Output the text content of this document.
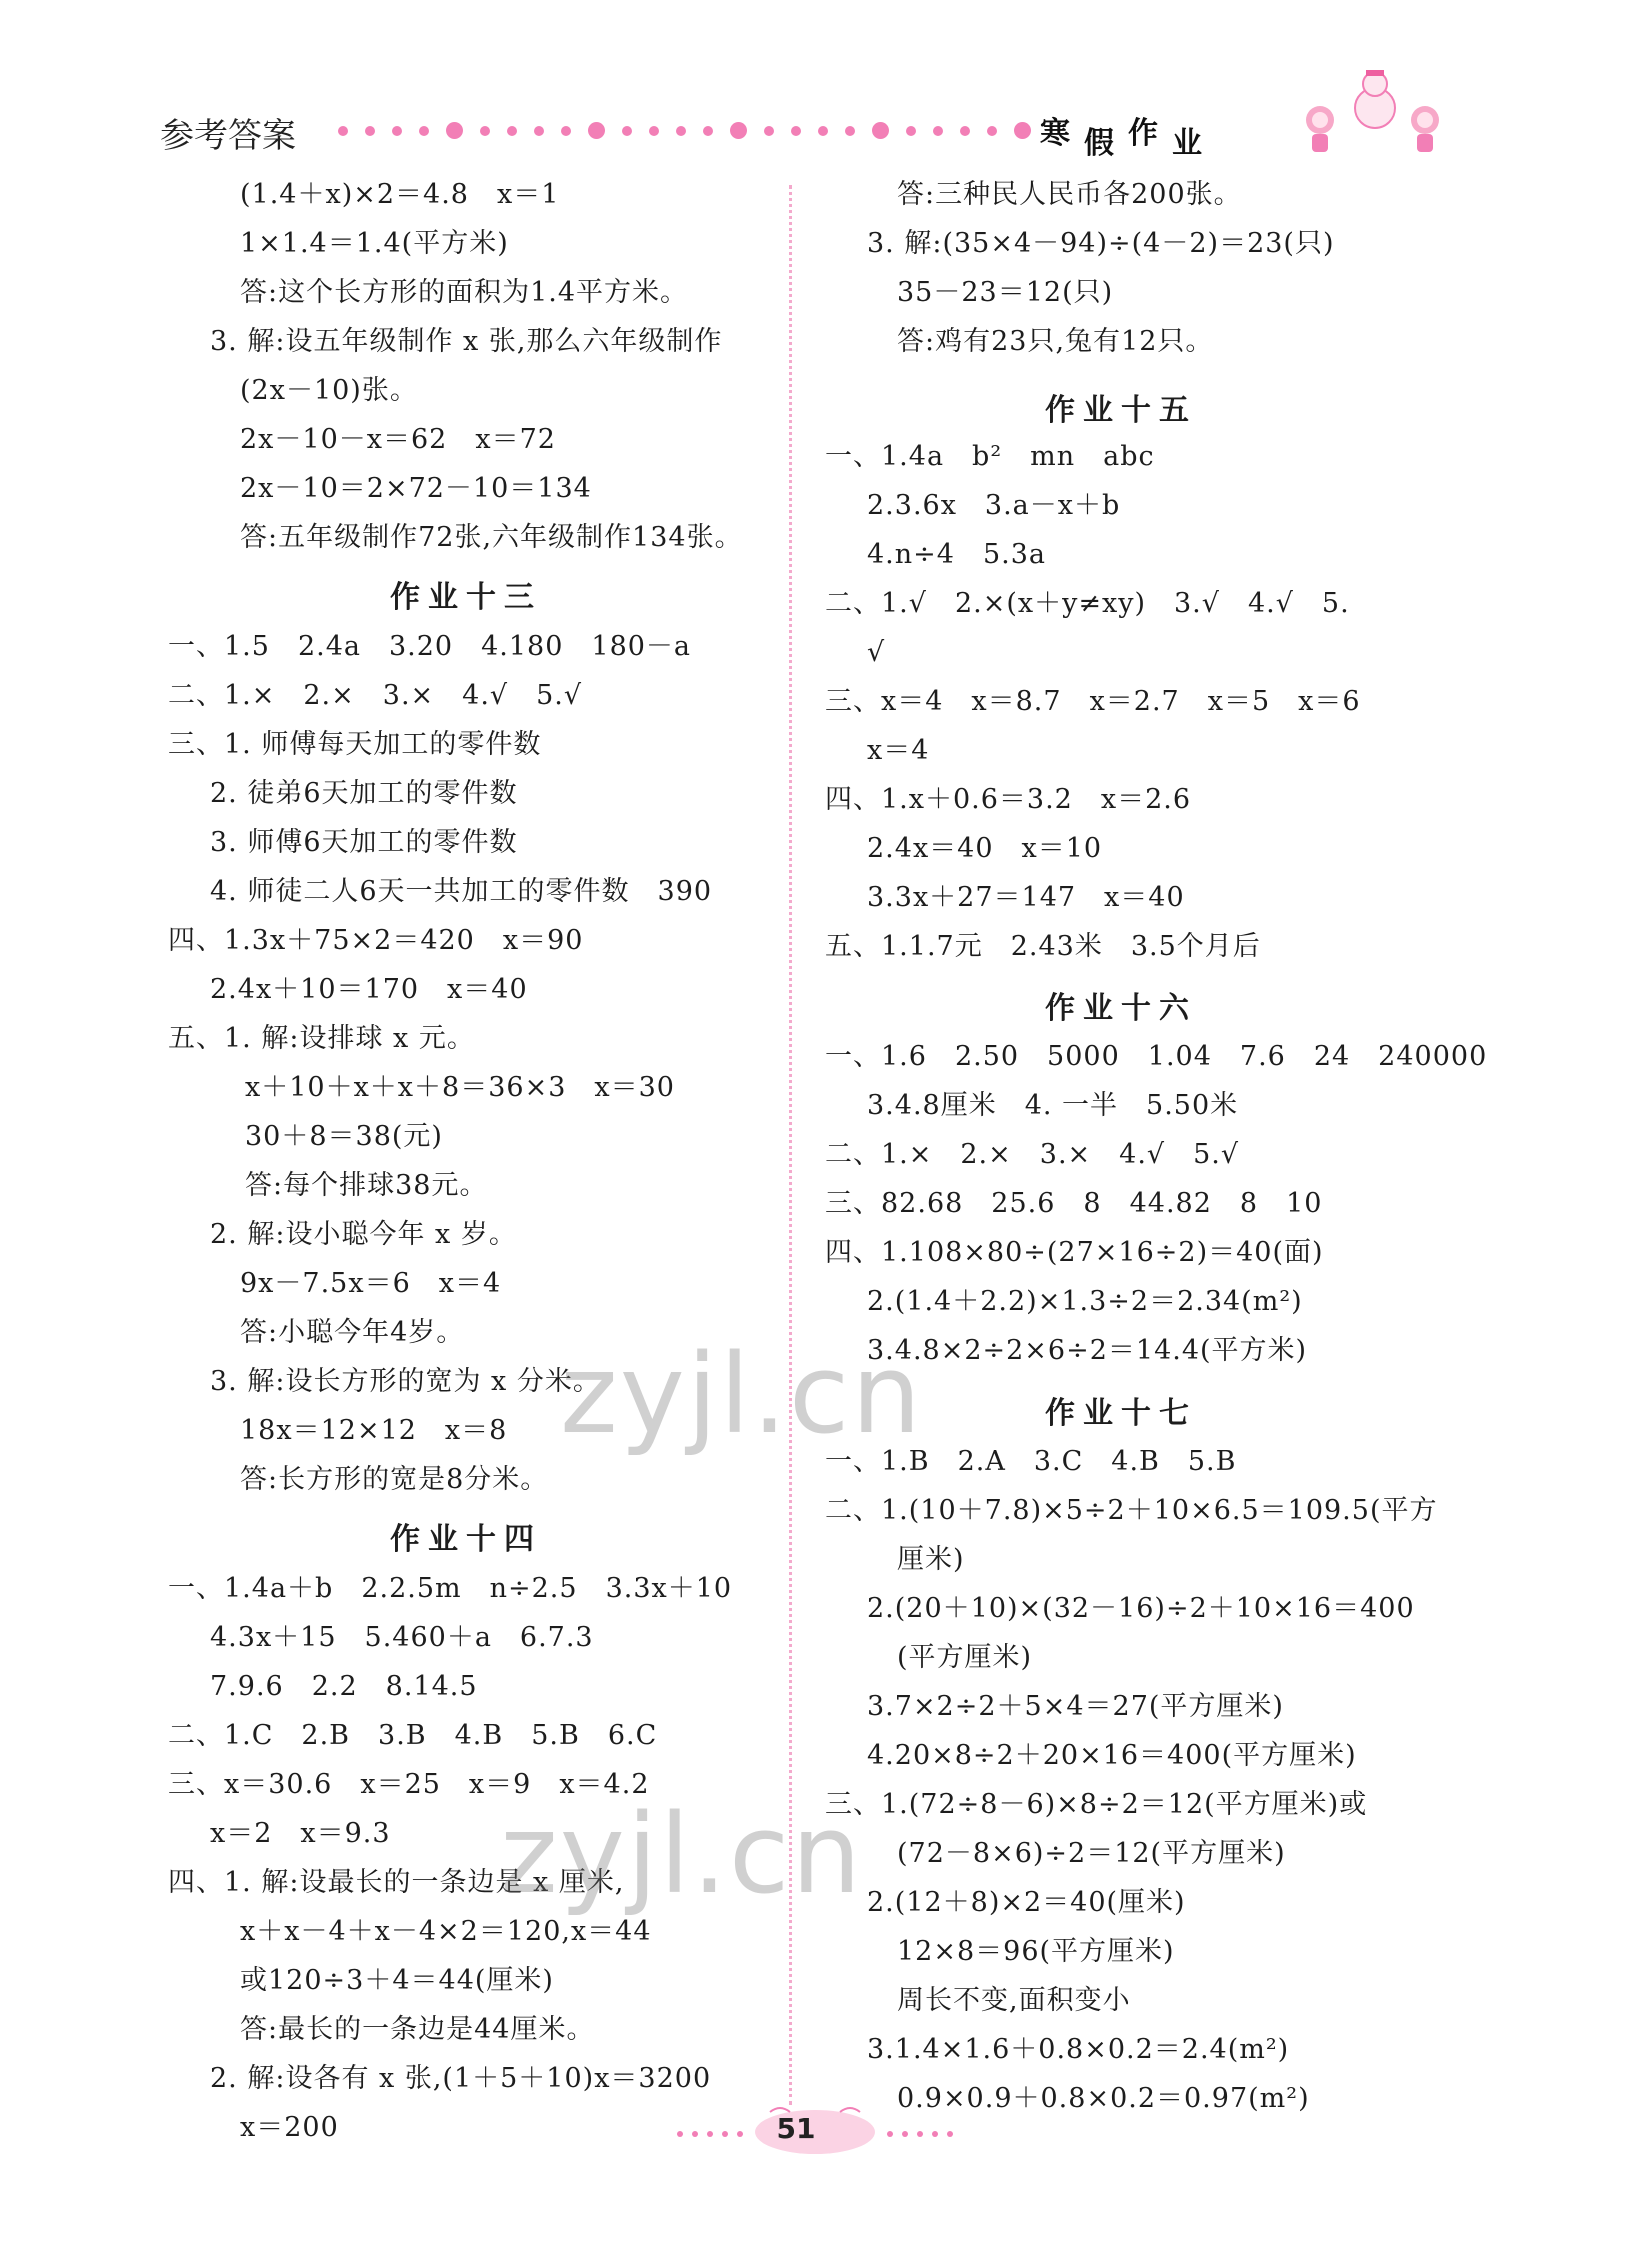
参考答案	寒 假 作 业
(1.4＋x)×2＝4.8　x＝1
1×1.4＝1.4(平方米)
答:这个长方形的面积为1.4平方米。
3. 解:设五年级制作 x 张,那么六年级制作
(2x－10)张。
2x－10－x＝62　x＝72
2x－10＝2×72－10＝134
答:五年级制作72张,六年级制作134张。
作业十三
一、1.5　2.4a　3.20　4.180　180－a
二、1.×　2.×　3.×　4.√　5.√
三、1. 师傅每天加工的零件数
2. 徒弟6天加工的零件数
3. 师傅6天加工的零件数
4. 师徒二人6天一共加工的零件数　390
四、1.3x＋75×2＝420　x＝90
2.4x＋10＝170　x＝40
五、1. 解:设排球 x 元。
x＋10＋x＋x＋8＝36×3　x＝30
30＋8＝38(元)
答:每个排球38元。
2. 解:设小聪今年 x 岁。
9x－7.5x＝6　x＝4
答:小聪今年4岁。
3. 解:设长方形的宽为 x 分米。
18x＝12×12　x＝8
答:长方形的宽是8分米。
作业十四
一、1.4a＋b　2.2.5m　n÷2.5　3.3x＋10
4.3x＋15　5.460＋a　6.7.3
7.9.6　2.2　8.14.5
二、1.C　2.B　3.B　4.B　5.B　6.C
三、x＝30.6　x＝25　x＝9　x＝4.2
x＝2　x＝9.3
四、1. 解:设最长的一条边是 x 厘米,
x＋x－4＋x－4×2＝120,x＝44
或120÷3＋4＝44(厘米)
答:最长的一条边是44厘米。
2. 解:设各有 x 张,(1＋5＋10)x＝3200
x＝200
答:三种民人民币各200张。
3. 解:(35×4－94)÷(4－2)＝23(只)
35－23＝12(只)
答:鸡有23只,兔有12只。
作业十五
一、1.4a　b²　mn　abc
2.3.6x　3.a－x＋b
4.n÷4　5.3a
二、1.√　2.×(x＋y≠xy)　3.√　4.√　5.
√
三、x＝4　x＝8.7　x＝2.7　x＝5　x＝6
x＝4
四、1.x＋0.6＝3.2　x＝2.6
2.4x＝40　x＝10
3.3x＋27＝147　x＝40
五、1.1.7元　2.43米　3.5个月后
作业十六
一、1.6　2.50　5000　1.04　7.6　24　240000
3.4.8厘米　4. 一半　5.50米
二、1.×　2.×　3.×　4.√　5.√
三、82.68　25.6　8　44.82　8　10
四、1.108×80÷(27×16÷2)＝40(面)
2.(1.4＋2.2)×1.3÷2＝2.34(m²)
3.4.8×2÷2×6÷2＝14.4(平方米)
作业十七
一、1.B　2.A　3.C　4.B　5.B
二、1.(10＋7.8)×5÷2＋10×6.5＝109.5(平方
厘米)
2.(20＋10)×(32－16)÷2＋10×16＝400
(平方厘米)
3.7×2÷2＋5×4＝27(平方厘米)
4.20×8÷2＋20×16＝400(平方厘米)
三、1.(72÷8－6)×8÷2＝12(平方厘米)或
(72－8×6)÷2＝12(平方厘米)
2.(12＋8)×2＝40(厘米)
12×8＝96(平方厘米)
周长不变,面积变小
3.1.4×1.6＋0.8×0.2＝2.4(m²)
0.9×0.9＋0.8×0.2＝0.97(m²)
zyjl.cn
zyjl.cn
51
